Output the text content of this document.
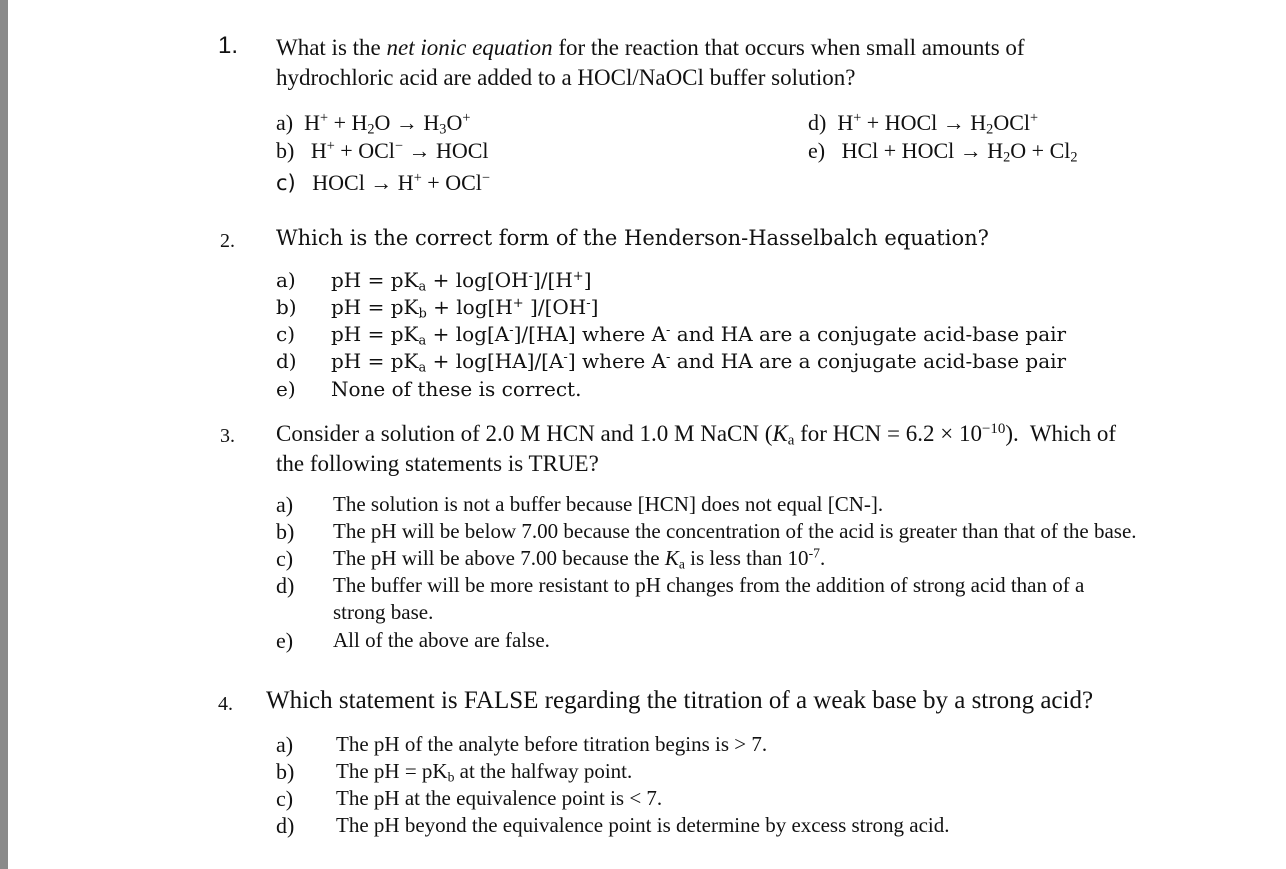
1. What is the net ionic equation for the reaction that occurs when small amounts of
hydrochloric acid are added to a HOCl/NaOCl buffer solution?
a)  $H^+ + H_2O \to H_3O^+$
b)   H+ + OCl− → HOCl
c)   HOCl → H+ + OCl−
d)  H+ + HOCl → $H_2OCl^+$
e)   HCl + HOCl → $H_2O + Cl_2$
2. Which is the correct form of the Henderson-Hasselbalch equation?
a) pH = $pK_a + \log[OH^-]/[H^+]$
b) pH = $pK_b + \log[H^+$ ]/[OH-]
c) pH = $pK_a + \log[A^-]/[HA]$ where A- and HA are a conjugate acid-base pair
d) pH = $pK_a + \log[HA]/[A^-]$ where A- and HA are a conjugate acid-base pair
e) None of these is correct.
3. Consider a solution of 2.0 M HCN and 1.0 M NaCN ($K_a$ for HCN = $6.2 \times 10^{-10}$).  Which of
the following statements is TRUE?
a) The solution is not a buffer because [HCN] does not equal [CN-].
b) The pH will be below 7.00 because the concentration of the acid is greater than that of the base.
c) The pH will be above 7.00 because the $K_a$ is less than $10^{-7}$.
d) The buffer will be more resistant to pH changes from the addition of strong acid than of a
strong base.
e) All of the above are false.
4. Which statement is FALSE regarding the titration of a weak base by a strong acid?
a) The pH of the analyte before titration begins is > 7.
b) The pH = $pK_b$ at the halfway point.
c) The pH at the equivalence point is < 7.
d) The pH beyond the equivalence point is determine by excess strong acid.
